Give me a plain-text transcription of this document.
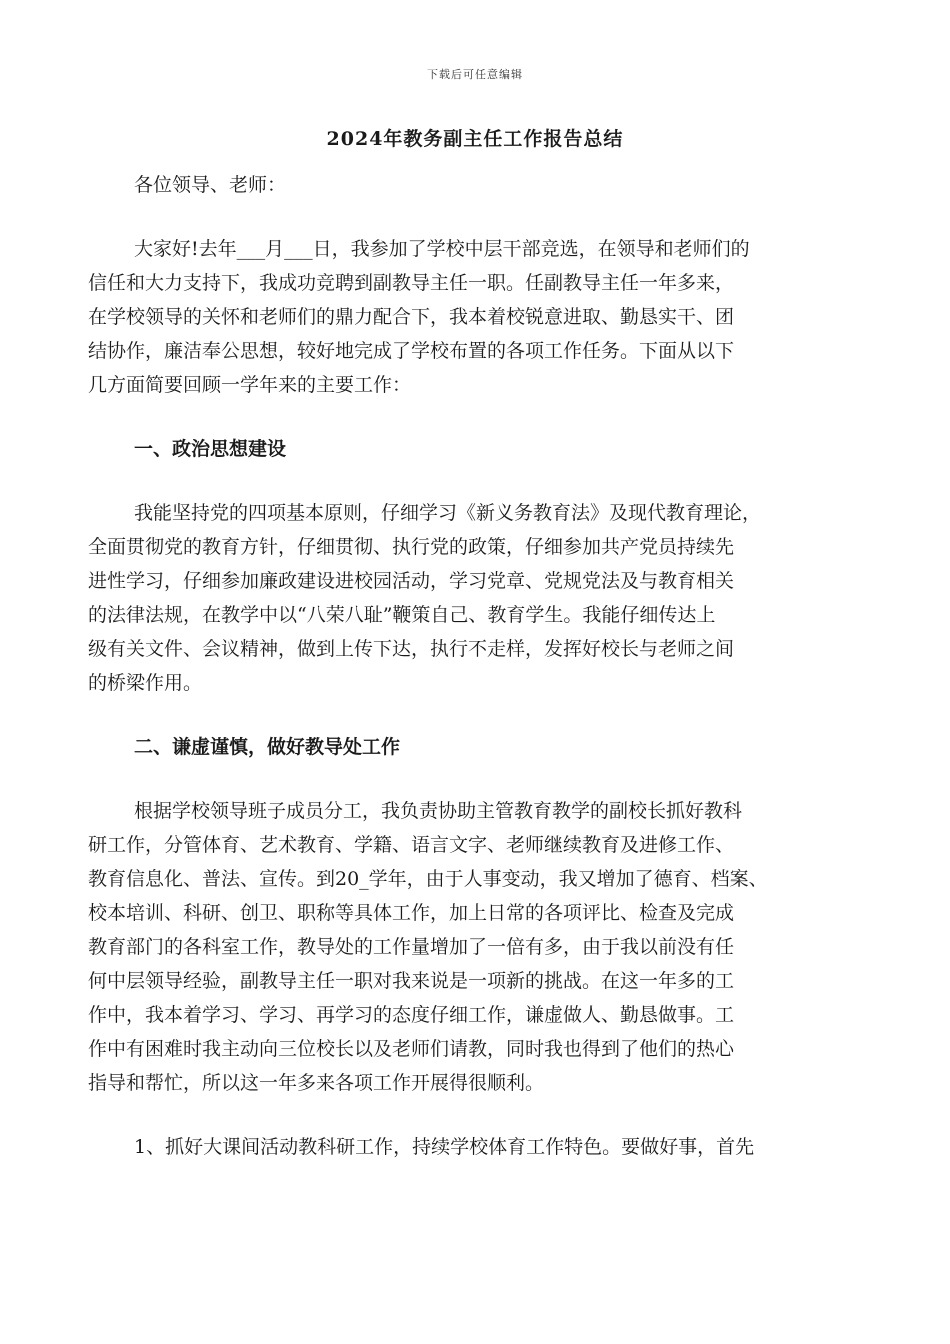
下载后可任意编辑
2024年教务副主任工作报告总结
各位领导、老师：
大家好!去年___月___日，我参加了学校中层干部竞选，在领导和老师们的
信任和大力支持下，我成功竞聘到副教导主任一职。任副教导主任一年多来，
在学校领导的关怀和老师们的鼎力配合下，我本着校锐意进取、勤恳实干、团
结协作，廉洁奉公思想，较好地完成了学校布置的各项工作任务。下面从以下
几方面简要回顾一学年来的主要工作：
一、政治思想建设
我能坚持党的四项基本原则，仔细学习《新义务教育法》及现代教育理论，
全面贯彻党的教育方针，仔细贯彻、执行党的政策，仔细参加共产党员持续先
进性学习，仔细参加廉政建设进校园活动，学习党章、党规党法及与教育相关
的法律法规，在教学中以“八荣八耻”鞭策自己、教育学生。我能仔细传达上
级有关文件、会议精神，做到上传下达，执行不走样，发挥好校长与老师之间
的桥梁作用。
二、谦虚谨慎，做好教导处工作
根据学校领导班子成员分工，我负责协助主管教育教学的副校长抓好教科
研工作，分管体育、艺术教育、学籍、语言文字、老师继续教育及进修工作、
教育信息化、普法、宣传。到20_学年，由于人事变动，我又增加了德育、档案、
校本培训、科研、创卫、职称等具体工作，加上日常的各项评比、检查及完成
教育部门的各科室工作，教导处的工作量增加了一倍有多，由于我以前没有任
何中层领导经验，副教导主任一职对我来说是一项新的挑战。在这一年多的工
作中，我本着学习、学习、再学习的态度仔细工作，谦虚做人、勤恳做事。工
作中有困难时我主动向三位校长以及老师们请教，同时我也得到了他们的热心
指导和帮忙，所以这一年多来各项工作开展得很顺利。
1、抓好大课间活动教科研工作，持续学校体育工作特色。要做好事，首先
